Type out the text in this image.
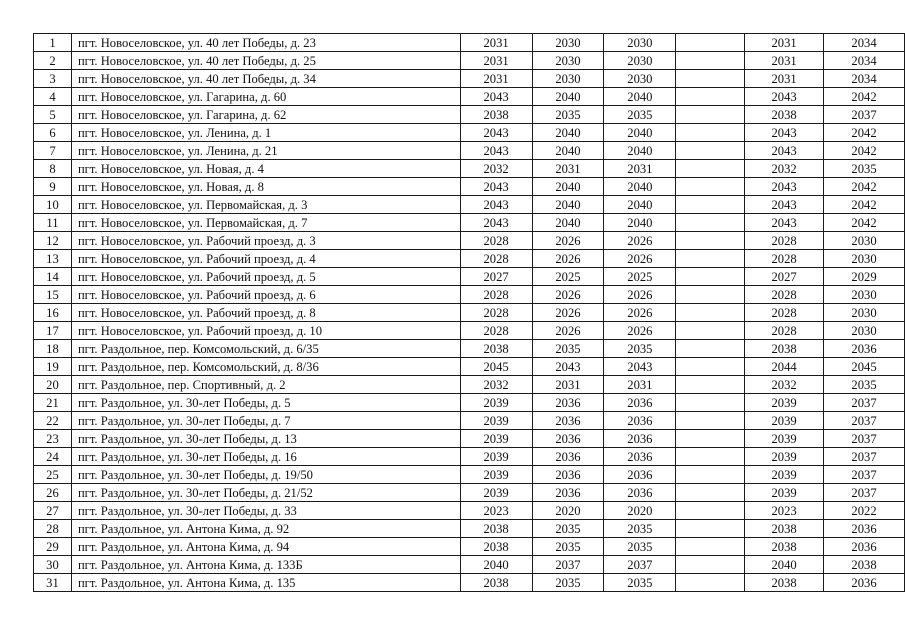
1	пгт. Новоселовское, ул. 40 лет Победы, д. 23	2031	2030	2030		2031	2034
2	пгт. Новоселовское, ул. 40 лет Победы, д. 25	2031	2030	2030		2031	2034
3	пгт. Новоселовское, ул. 40 лет Победы, д. 34	2031	2030	2030		2031	2034
4	пгт. Новоселовское, ул. Гагарина, д. 60	2043	2040	2040		2043	2042
5	пгт. Новоселовское, ул. Гагарина, д. 62	2038	2035	2035		2038	2037
6	пгт. Новоселовское, ул. Ленина, д. 1	2043	2040	2040		2043	2042
7	пгт. Новоселовское, ул. Ленина, д. 21	2043	2040	2040		2043	2042
8	пгт. Новоселовское, ул. Новая, д. 4	2032	2031	2031		2032	2035
9	пгт. Новоселовское, ул. Новая, д. 8	2043	2040	2040		2043	2042
10	пгт. Новоселовское, ул. Первомайская, д. 3	2043	2040	2040		2043	2042
11	пгт. Новоселовское, ул. Первомайская, д. 7	2043	2040	2040		2043	2042
12	пгт. Новоселовское, ул. Рабочий проезд, д. 3	2028	2026	2026		2028	2030
13	пгт. Новоселовское, ул. Рабочий проезд, д. 4	2028	2026	2026		2028	2030
14	пгт. Новоселовское, ул. Рабочий проезд, д. 5	2027	2025	2025		2027	2029
15	пгт. Новоселовское, ул. Рабочий проезд, д. 6	2028	2026	2026		2028	2030
16	пгт. Новоселовское, ул. Рабочий проезд, д. 8	2028	2026	2026		2028	2030
17	пгт. Новоселовское, ул. Рабочий проезд, д. 10	2028	2026	2026		2028	2030
18	пгт. Раздольное, пер. Комсомольский, д. 6/35	2038	2035	2035		2038	2036
19	пгт. Раздольное, пер. Комсомольский, д. 8/36	2045	2043	2043		2044	2045
20	пгт. Раздольное, пер. Спортивный, д. 2	2032	2031	2031		2032	2035
21	пгт. Раздольное, ул. 30-лет Победы, д. 5	2039	2036	2036		2039	2037
22	пгт. Раздольное, ул. 30-лет Победы, д. 7	2039	2036	2036		2039	2037
23	пгт. Раздольное, ул. 30-лет Победы, д. 13	2039	2036	2036		2039	2037
24	пгт. Раздольное, ул. 30-лет Победы, д. 16	2039	2036	2036		2039	2037
25	пгт. Раздольное, ул. 30-лет Победы, д. 19/50	2039	2036	2036		2039	2037
26	пгт. Раздольное, ул. 30-лет Победы, д. 21/52	2039	2036	2036		2039	2037
27	пгт. Раздольное, ул. 30-лет Победы, д. 33	2023	2020	2020		2023	2022
28	пгт. Раздольное, ул. Антона Кима, д. 92	2038	2035	2035		2038	2036
29	пгт. Раздольное, ул. Антона Кима, д. 94	2038	2035	2035		2038	2036
30	пгт. Раздольное, ул. Антона Кима, д. 133Б	2040	2037	2037		2040	2038
31	пгт. Раздольное, ул. Антона Кима, д. 135	2038	2035	2035		2038	2036
